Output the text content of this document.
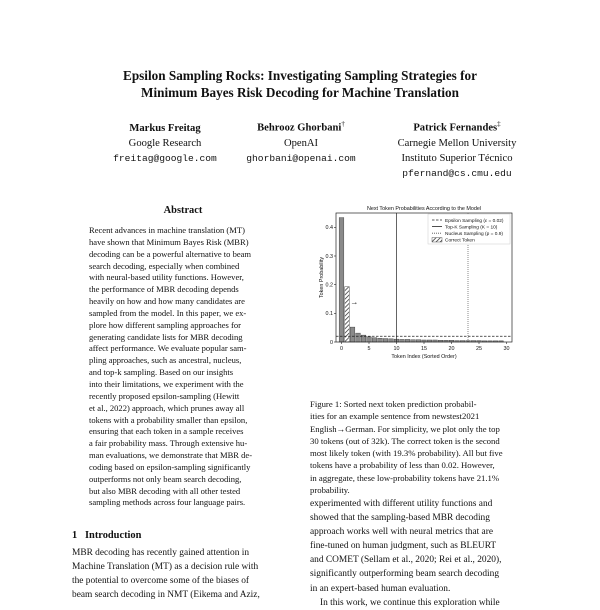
Epsilon Sampling Rocks: Investigating Sampling Strategies for
Minimum Bayes Risk Decoding for Machine Translation
Markus Freitag
Google Research
freitag@google.com
Behrooz Ghorbani†
OpenAI
ghorbani@openai.com
Patrick Fernandes‡
Carnegie Mellon University
Instituto Superior Técnico
pfernand@cs.cmu.edu
Abstract
Recent advances in machine translation (MT)
have shown that Minimum Bayes Risk (MBR)
decoding can be a powerful alternative to beam
search decoding, especially when combined
with neural-based utility functions. However,
the performance of MBR decoding depends
heavily on how and how many candidates are
sampled from the model. In this paper, we ex-
plore how different sampling approaches for
generating candidate lists for MBR decoding
affect performance. We evaluate popular sam-
pling approaches, such as ancestral, nucleus,
and top-k sampling. Based on our insights
into their limitations, we experiment with the
recently proposed epsilon-sampling (Hewitt
et al., 2022) approach, which prunes away all
tokens with a probability smaller than epsilon,
ensuring that each token in a sample receives
a fair probability mass. Through extensive hu-
man evaluations, we demonstrate that MBR de-
coding based on epsilon-sampling significantly
outperforms not only beam search decoding,
but also MBR decoding with all other tested
sampling methods across four language pairs.
1 Introduction
MBR decoding has recently gained attention in
Machine Translation (MT) as a decision rule with
the potential to overcome some of the biases of
beam search decoding in NMT (Eikema and Aziz,
Next Token Probabilities According to the Model
0	5	10	15	20	25	30
0
0.1
0.2
0.3
0.4
Token Index (Sorted Order)
Token Probability
→
Epsilon Sampling (ε = 0.02)
Top-K Sampling (K = 10)
Nucleus Sampling (p = 0.9)
Correct Token
Figure 1: Sorted next token prediction probabil-
ities for an example sentence from newstest2021
English→German. For simplicity, we plot only the top
30 tokens (out of 32k). The correct token is the second
most likely token (with 19.3% probability). All but five
tokens have a probability of less than 0.02. However,
in aggregate, these low-probability tokens have 21.1%
probability.
experimented with different utility functions and
showed that the sampling-based MBR decoding
approach works well with neural metrics that are
fine-tuned on human judgment, such as BLEURT
and COMET (Sellam et al., 2020; Rei et al., 2020),
significantly outperforming beam search decoding
in an expert-based human evaluation.
In this work, we continue this exploration while
